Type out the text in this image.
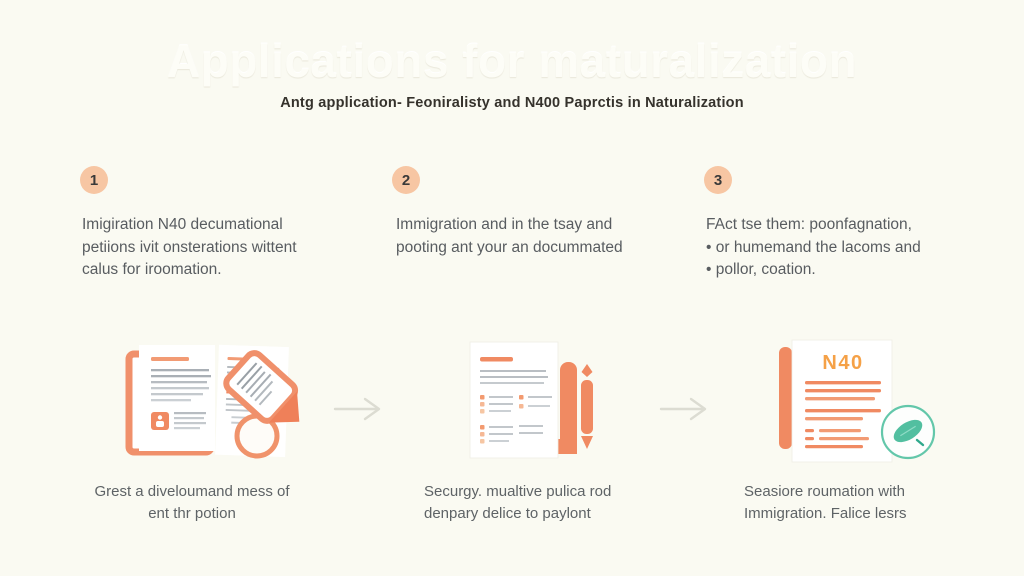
Applications for maturalization
Antg application- Feoniralisty and N400 Paprctis in Naturalization
1	2	3
Imigiration N40 decumational
petiions ivit onsterations wittent
calus for iroomation.
Immigration and in the tsay and
pooting ant your an docummated
FAct tse them: poonfagnation,
• or humemand the lacoms and
• pollor, coation.
N40
Grest a diveloumand mess of
ent thr potion
Securgy. mualtive pulica rod
denpary delice to paylont
Seasiore roumation with
Immigration. Falice lesrs
